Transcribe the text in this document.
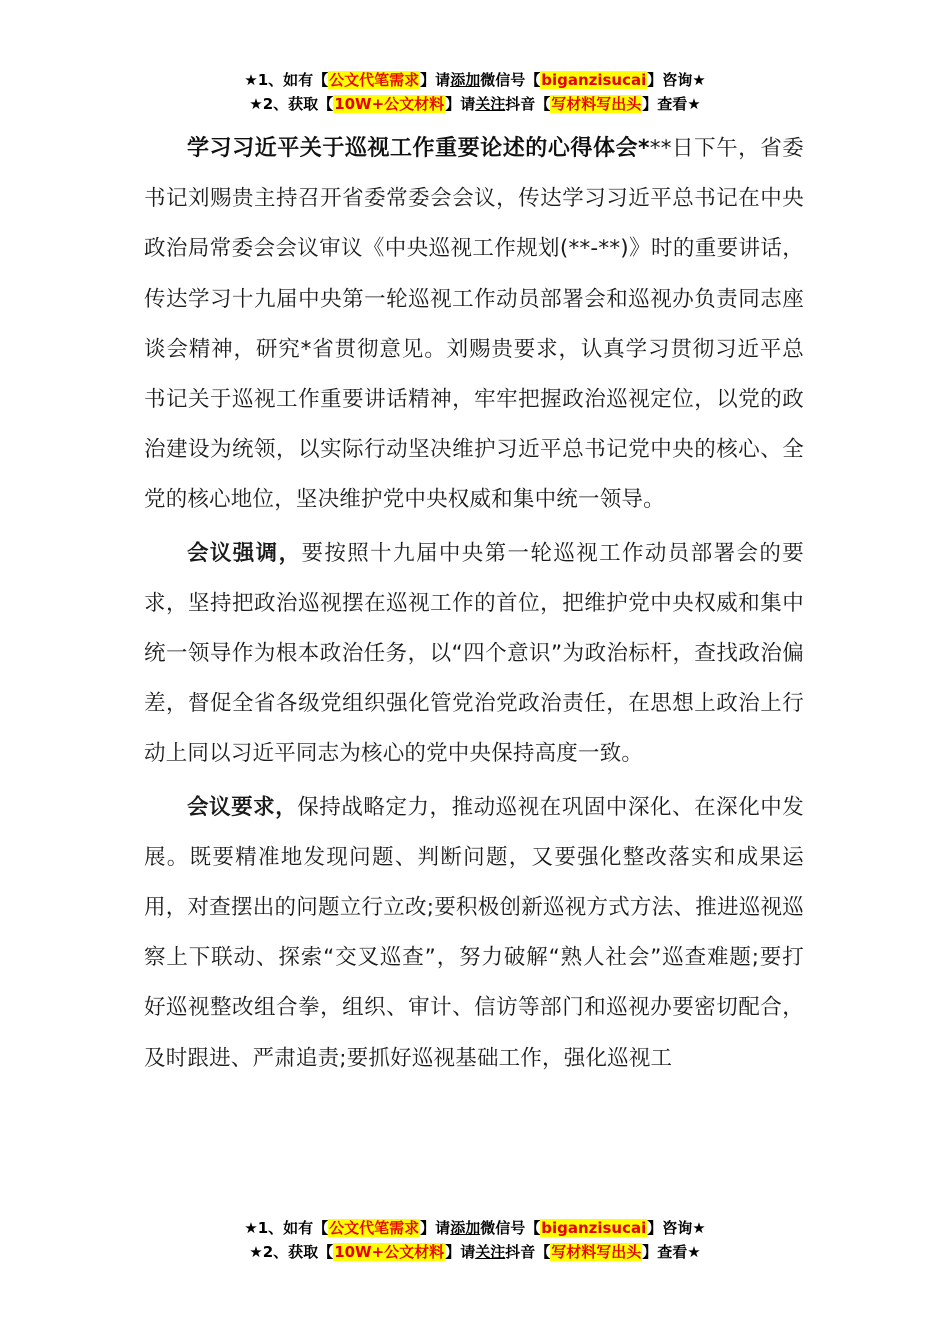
★1、如有【公文代笔需求】请添加微信号【biganzisucai】咨询★
★2、获取【10W+公文材料】请关注抖音【写材料写出头】查看★

学习习近平关于巡视工作重要论述的心得体会***日下午，省委书记刘赐贵主持召开省委常委会会议，传达学习习近平总书记在中央政治局常委会会议审议《中央巡视工作规划(**-**)》时的重要讲话，传达学习十九届中央第一轮巡视工作动员部署会和巡视办负责同志座谈会精神，研究*省贯彻意见。刘赐贵要求，认真学习贯彻习近平总书记关于巡视工作重要讲话精神，牢牢把握政治巡视定位，以党的政治建设为统领，以实际行动坚决维护习近平总书记党中央的核心、全党的核心地位，坚决维护党中央权威和集中统一领导。

会议强调，要按照十九届中央第一轮巡视工作动员部署会的要求，坚持把政治巡视摆在巡视工作的首位，把维护党中央权威和集中统一领导作为根本政治任务，以“四个意识”为政治标杆，查找政治偏差，督促全省各级党组织强化管党治党政治责任，在思想上政治上行动上同以习近平同志为核心的党中央保持高度一致。

会议要求，保持战略定力，推动巡视在巩固中深化、在深化中发展。既要精准地发现问题、判断问题，又要强化整改落实和成果运用，对查摆出的问题立行立改;要积极创新巡视方式方法、推进巡视巡察上下联动、探索“交叉巡查”，努力破解“熟人社会”巡查难题;要打好巡视整改组合拳，组织、审计、信访等部门和巡视办要密切配合，及时跟进、严肃追责;要抓好巡视基础工作，强化巡视工

★1、如有【公文代笔需求】请添加微信号【biganzisucai】咨询★
★2、获取【10W+公文材料】请关注抖音【写材料写出头】查看★
